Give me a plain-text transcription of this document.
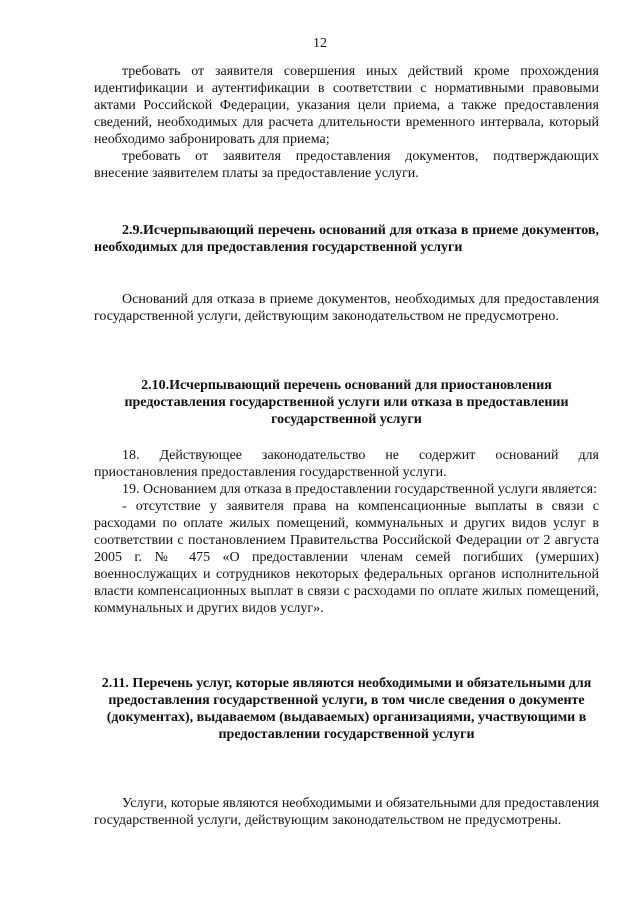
12

требовать от заявителя совершения иных действий кроме прохождения идентификации и аутентификации в соответствии с нормативными правовыми актами Российской Федерации, указания цели приема, а также предоставления сведений, необходимых для расчета длительности временного интервала, который необходимо забронировать для приема;

требовать от заявителя предоставления документов, подтверждающих внесение заявителем платы за предоставление услуги.

2.9.Исчерпывающий перечень оснований для отказа в приеме документов, необходимых для предоставления государственной услуги

Оснований для отказа в приеме документов, необходимых для предоставления государственной услуги, действующим законодательством не предусмотрено.

2.10.Исчерпывающий перечень оснований для приостановления предоставления государственной услуги или отказа в предоставлении государственной услуги

18. Действующее законодательство не содержит оснований для приостановления предоставления государственной услуги.

19. Основанием для отказа в предоставлении государственной услуги является:

- отсутствие у заявителя права на компенсационные выплаты в связи с расходами по оплате жилых помещений, коммунальных и других видов услуг в соответствии с постановлением Правительства Российской Федерации от 2 августа 2005 г. № 475 «О предоставлении членам семей погибших (умерших) военнослужащих и сотрудников некоторых федеральных органов исполнительной власти компенсационных выплат в связи с расходами по оплате жилых помещений, коммунальных и других видов услуг».

2.11. Перечень услуг, которые являются необходимыми и обязательными для предоставления государственной услуги, в том числе сведения о документе (документах), выдаваемом (выдаваемых) организациями, участвующими в предоставлении государственной услуги

Услуги, которые являются необходимыми и обязательными для предоставления государственной услуги, действующим законодательством не предусмотрены.
